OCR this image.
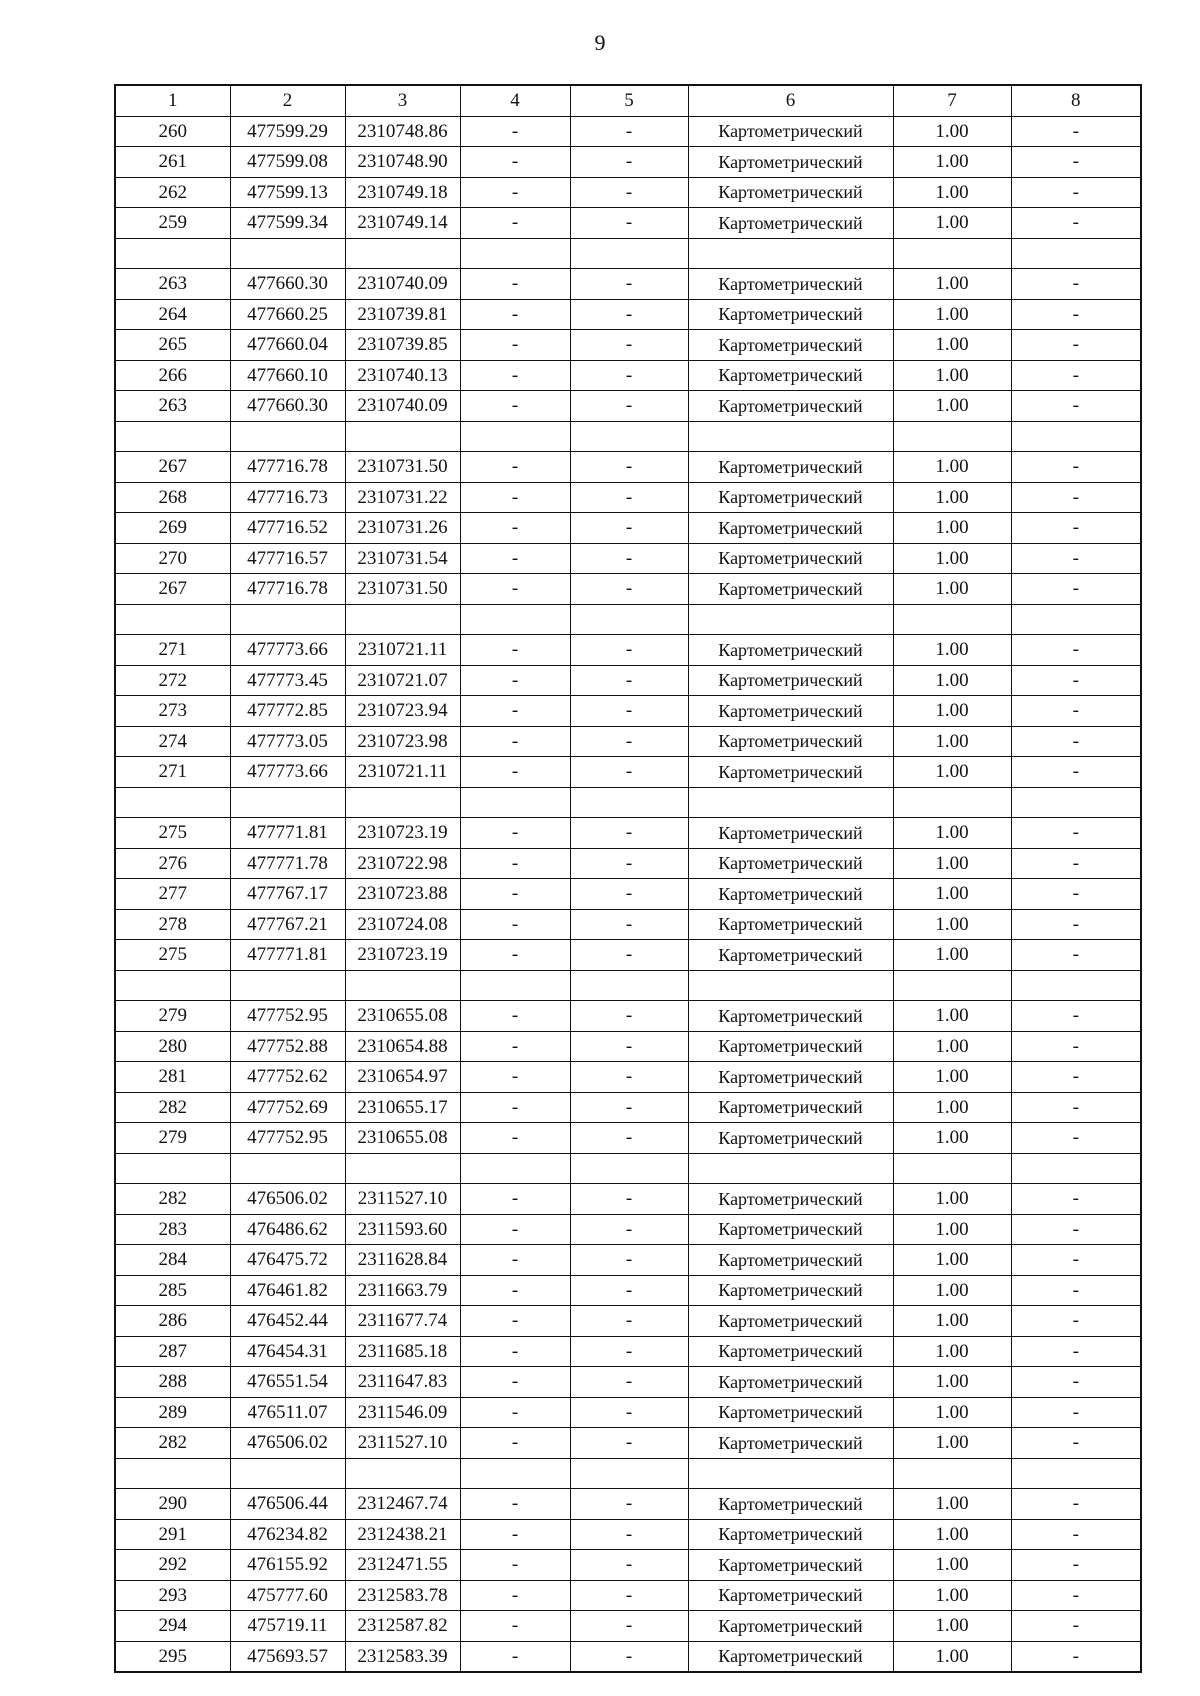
9
1	2	3	4	5	6	7	8
260	477599.29	2310748.86	-	-	Картометрический	1.00	-
261	477599.08	2310748.90	-	-	Картометрический	1.00	-
262	477599.13	2310749.18	-	-	Картометрический	1.00	-
259	477599.34	2310749.14	-	-	Картометрический	1.00	-

263	477660.30	2310740.09	-	-	Картометрический	1.00	-
264	477660.25	2310739.81	-	-	Картометрический	1.00	-
265	477660.04	2310739.85	-	-	Картометрический	1.00	-
266	477660.10	2310740.13	-	-	Картометрический	1.00	-
263	477660.30	2310740.09	-	-	Картометрический	1.00	-

267	477716.78	2310731.50	-	-	Картометрический	1.00	-
268	477716.73	2310731.22	-	-	Картометрический	1.00	-
269	477716.52	2310731.26	-	-	Картометрический	1.00	-
270	477716.57	2310731.54	-	-	Картометрический	1.00	-
267	477716.78	2310731.50	-	-	Картометрический	1.00	-

271	477773.66	2310721.11	-	-	Картометрический	1.00	-
272	477773.45	2310721.07	-	-	Картометрический	1.00	-
273	477772.85	2310723.94	-	-	Картометрический	1.00	-
274	477773.05	2310723.98	-	-	Картометрический	1.00	-
271	477773.66	2310721.11	-	-	Картометрический	1.00	-

275	477771.81	2310723.19	-	-	Картометрический	1.00	-
276	477771.78	2310722.98	-	-	Картометрический	1.00	-
277	477767.17	2310723.88	-	-	Картометрический	1.00	-
278	477767.21	2310724.08	-	-	Картометрический	1.00	-
275	477771.81	2310723.19	-	-	Картометрический	1.00	-

279	477752.95	2310655.08	-	-	Картометрический	1.00	-
280	477752.88	2310654.88	-	-	Картометрический	1.00	-
281	477752.62	2310654.97	-	-	Картометрический	1.00	-
282	477752.69	2310655.17	-	-	Картометрический	1.00	-
279	477752.95	2310655.08	-	-	Картометрический	1.00	-

282	476506.02	2311527.10	-	-	Картометрический	1.00	-
283	476486.62	2311593.60	-	-	Картометрический	1.00	-
284	476475.72	2311628.84	-	-	Картометрический	1.00	-
285	476461.82	2311663.79	-	-	Картометрический	1.00	-
286	476452.44	2311677.74	-	-	Картометрический	1.00	-
287	476454.31	2311685.18	-	-	Картометрический	1.00	-
288	476551.54	2311647.83	-	-	Картометрический	1.00	-
289	476511.07	2311546.09	-	-	Картометрический	1.00	-
282	476506.02	2311527.10	-	-	Картометрический	1.00	-

290	476506.44	2312467.74	-	-	Картометрический	1.00	-
291	476234.82	2312438.21	-	-	Картометрический	1.00	-
292	476155.92	2312471.55	-	-	Картометрический	1.00	-
293	475777.60	2312583.78	-	-	Картометрический	1.00	-
294	475719.11	2312587.82	-	-	Картометрический	1.00	-
295	475693.57	2312583.39	-	-	Картометрический	1.00	-
